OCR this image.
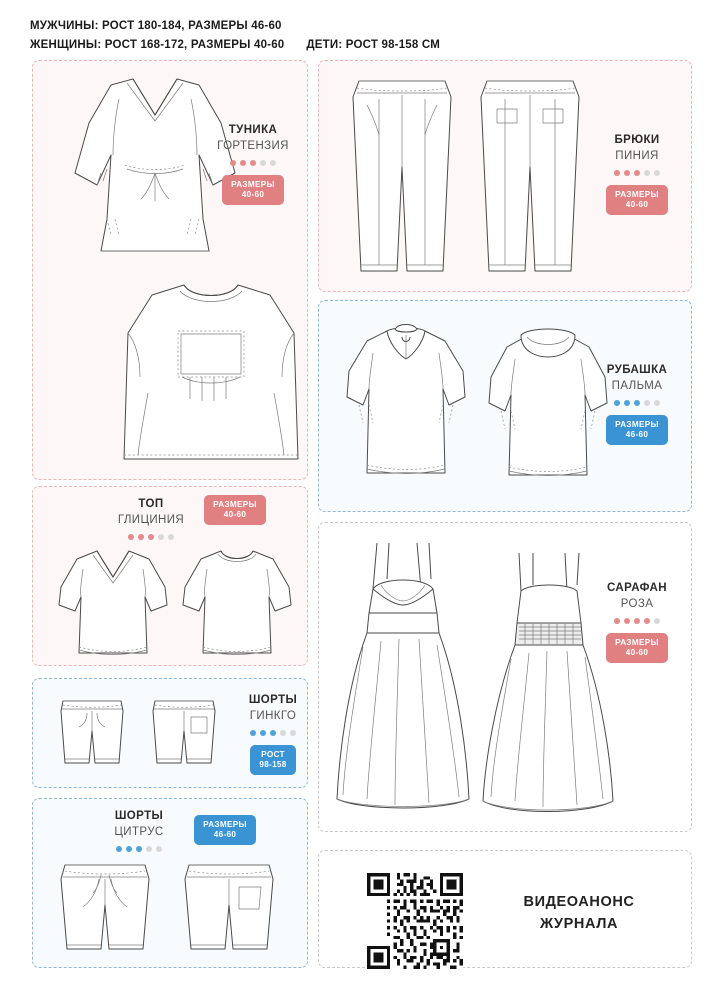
МУЖЧИНЫ: РОСТ 180-184, РАЗМЕРЫ 46-60
ЖЕНЩИНЫ: РОСТ 168-172, РАЗМЕРЫ 40-60 ДЕТИ: РОСТ 98-158 СМ
ТУНИКА
ГОРТЕНЗИЯ
РАЗМЕРЫ
40-60
БРЮКИ
ПИНИЯ
РАЗМЕРЫ
40-60
РУБАШКА
ПАЛЬМА
РАЗМЕРЫ
46-60
ТОП
ГЛИЦИНИЯ
РАЗМЕРЫ
40-60
САРАФАН
РОЗА
РАЗМЕРЫ
40-60
ШОРТЫ
ГИНКГО
РОСТ
98-158
ШОРТЫ
ЦИТРУС
РАЗМЕРЫ
46-60
ВИДЕОАНОНС
ЖУРНАЛА
